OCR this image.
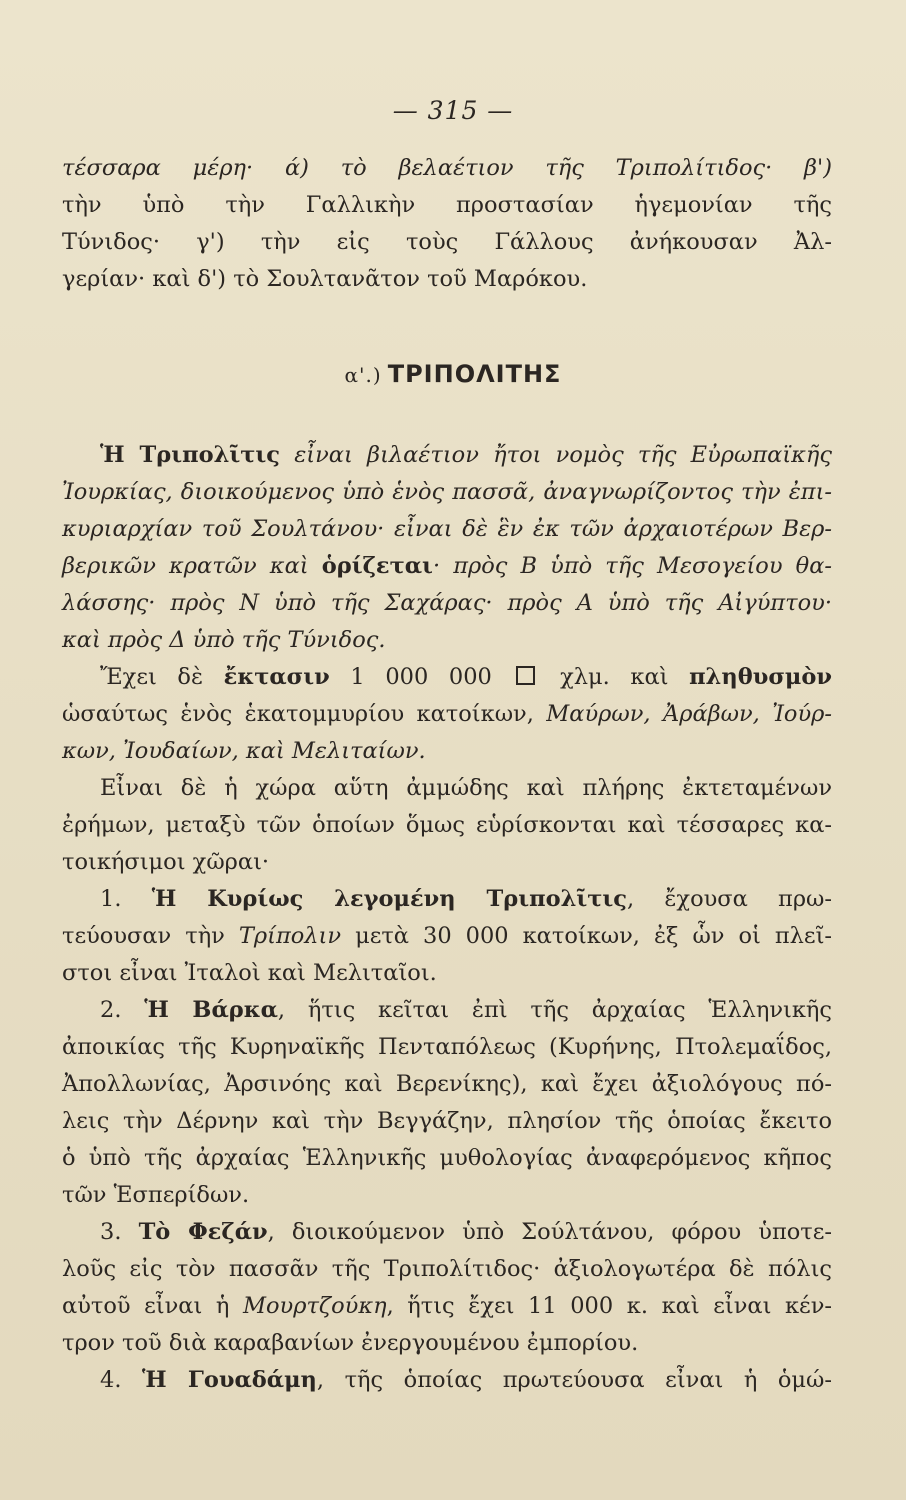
— 315 —
τέσσαρα μέρη· ά) τὸ βελαέτιον τῆς Τριπολίτιδος· β')
τὴν ὑπὸ τὴν Γαλλικὴν προστασίαν ἡγεμονίαν τῆς
Τύνιδος· γ') τὴν εἰς τοὺς Γάλλους ἀνήκουσαν Ἀλ-
γερίαν· καὶ δ') τὸ Σουλτανᾶτον τοῦ Μαρόκου.
α'.) ΤΡΙΠΟΛΙΤΗΣ
Ἡ Τριπολῖτις εἶναι βιλαέτιον ἤτοι νομὸς τῆς Εὐρωπαϊκῆς
Ἰουρκίας, διοικούμενος ὑπὸ ἑνὸς πασσᾶ, ἀναγνωρίζοντος τὴν ἐπι-
κυριαρχίαν τοῦ Σουλτάνου· εἶναι δὲ ἓν ἐκ τῶν ἀρχαιοτέρων Βερ-
βερικῶν κρατῶν καὶ ὁρίζεται· πρὸς Β ὑπὸ τῆς Μεσογείου θα-
λάσσης· πρὸς Ν ὑπὸ τῆς Σαχάρας· πρὸς Α ὑπὸ τῆς Αἰγύπτου·
καὶ πρὸς Δ ὑπὸ τῆς Τύνιδος.
Ἔχει δὲ ἔκτασιν 1 000 000  χλμ. καὶ πληθυσμὸν
ὡσαύτως ἑνὸς ἑκατομμυρίου κατοίκων, Μαύρων, Ἀράβων, Ἰούρ-
κων, Ἰουδαίων, καὶ Μελιταίων.
Εἶναι δὲ ἡ χώρα αὕτη ἀμμώδης καὶ πλήρης ἐκτεταμένων
ἐρήμων, μεταξὺ τῶν ὁποίων ὅμως εὑρίσκονται καὶ τέσσαρες κα-
τοικήσιμοι χῶραι·
1. Ἡ Κυρίως λεγομένη Τριπολῖτις, ἔχουσα πρω-
τεύουσαν τὴν Τρίπολιν μετὰ 30 000 κατοίκων, ἐξ ὧν οἱ πλεῖ-
στοι εἶναι Ἰταλοὶ καὶ Μελιταῖοι.
2. Ἡ Βάρκα, ἥτις κεῖται ἐπὶ τῆς ἀρχαίας Ἑλληνικῆς
ἀποικίας τῆς Κυρηναϊκῆς Πενταπόλεως (Κυρήνης, Πτολεμαΐδος,
Ἀπολλωνίας, Ἀρσινόης καὶ Βερενίκης), καὶ ἔχει ἀξιολόγους πό-
λεις τὴν Δέρνην καὶ τὴν Βεγγάζην, πλησίον τῆς ὁποίας ἔκειτο
ὁ ὑπὸ τῆς ἀρχαίας Ἑλληνικῆς μυθολογίας ἀναφερόμενος κῆπος
τῶν Ἑσπερίδων.
3. Τὸ Φεζάν, διοικούμενον ὑπὸ Σούλτάνου, φόρου ὑποτε-
λοῦς εἰς τὸν πασσᾶν τῆς Τριπολίτιδος· ἀξιολογωτέρα δὲ πόλις
αὐτοῦ εἶναι ἡ Μουρτζούκη, ἥτις ἔχει 11 000 κ. καὶ εἶναι κέν-
τρον τοῦ διὰ καραβανίων ἐνεργουμένου ἐμπορίου.
4. Ἡ Γουαδάμη, τῆς ὁποίας πρωτεύουσα εἶναι ἡ ὁμώ-
